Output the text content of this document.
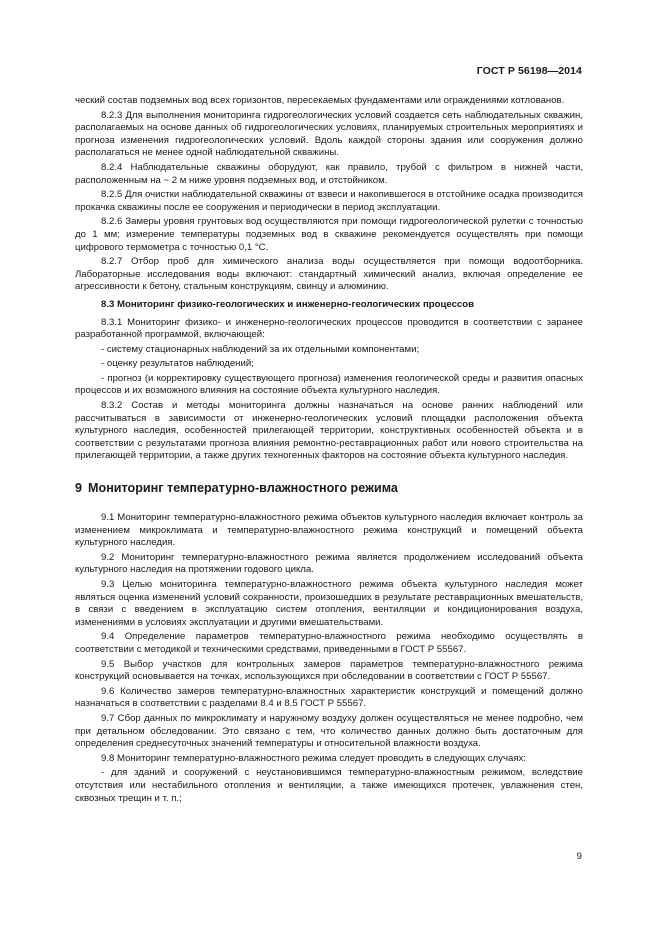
ГОСТ Р 56198—2014

ческий состав подземных вод всех горизонтов, пересекаемых фундаментами или ограждениями котлованов.

8.2.3 Для выполнения мониторинга гидрогеологических условий создается сеть наблюдательных скважин, располагаемых на основе данных об гидрогеологических условиях, планируемых строительных мероприятиях и прогноза изменения гидрогеологических условий. Вдоль каждой стороны здания или сооружения должно располагаться не менее одной наблюдательной скважины.

8.2.4 Наблюдательные скважины оборудуют, как правило, трубой с фильтром в нижней части, расположенным на ~ 2 м ниже уровня подземных вод, и отстойником.

8.2.5 Для очистки наблюдательной скважины от взвеси и накопившегося в отстойнике осадка производится прокачка скважины после ее сооружения и периодически в период эксплуатации.

8.2.6 Замеры уровня грунтовых вод осуществляются при помощи гидрогеологической рулетки с точностью до 1 мм; измерение температуры подземных вод в скважине рекомендуется осуществлять при помощи цифрового термометра с точностью 0,1 °С.

8.2.7 Отбор проб для химического анализа воды осуществляется при помощи водоотборника. Лабораторные исследования воды включают: стандартный химический анализ, включая определение ее агрессивности к бетону, стальным конструкциям, свинцу и алюминию.

8.3 Мониторинг физико-геологических и инженерно-геологических процессов

8.3.1 Мониторинг физико- и инженерно-геологических процессов проводится в соответствии с заранее разработанной программой, включающей:

- систему стационарных наблюдений за их отдельными компонентами;

- оценку результатов наблюдений;

- прогноз (и корректировку существующего прогноза) изменения геологической среды и развития опасных процессов и их возможного влияния на состояние объекта культурного наследия.

8.3.2 Состав и методы мониторинга должны назначаться на основе ранних наблюдений или рассчитываться в зависимости от инженерно-геологических условий площадки расположения объекта культурного наследия, особенностей прилегающей территории, конструктивных особенностей объекта и в соответствии с результатами прогноза влияния ремонтно-реставрационных работ или нового строительства на прилегающей территории, а также других техногенных факторов на состояние объекта культурного наследия.

9 Мониторинг температурно-влажностного режима

9.1 Мониторинг температурно-влажностного режима объектов культурного наследия включает контроль за изменением микроклимата и температурно-влажностного режима конструкций и помещений объекта культурного наследия.

9.2 Мониторинг температурно-влажностного режима является продолжением исследований объекта культурного наследия на протяжении годового цикла.

9.3 Целью мониторинга температурно-влажностного режима объекта культурного наследия может являться оценка изменений условий сохранности, произошедших в результате реставрационных вмешательств, в связи с введением в эксплуатацию систем отопления, вентиляции и кондиционирования воздуха, изменениями в условиях эксплуатации и другими вмешательствами.

9.4 Определение параметров температурно-влажностного режима необходимо осуществлять в соответствии с методикой и техническими средствами, приведенными в ГОСТ Р 55567.

9.5 Выбор участков для контрольных замеров параметров температурно-влажностного режима конструкций основывается на точках, использующихся при обследовании в соответствии с ГОСТ Р 55567.

9.6 Количество замеров температурно-влажностных характеристик конструкций и помещений должно назначаться в соответствии с разделами 8.4 и 8.5 ГОСТ Р 55567.

9.7 Сбор данных по микроклимату и наружному воздуху должен осуществляться не менее подробно, чем при детальном обследовании. Это связано с тем, что количество данных должно быть достаточным для определения среднесуточных значений температуры и относительной влажности воздуха.

9.8 Мониторинг температурно-влажностного режима следует проводить в следующих случаях:

- для зданий и сооружений с неустановившимся температурно-влажностным режимом, вследствие отсутствия или нестабильного отопления и вентиляции, а также имеющихся протечек, увлажнения стен, сквозных трещин и т. п.;

9
